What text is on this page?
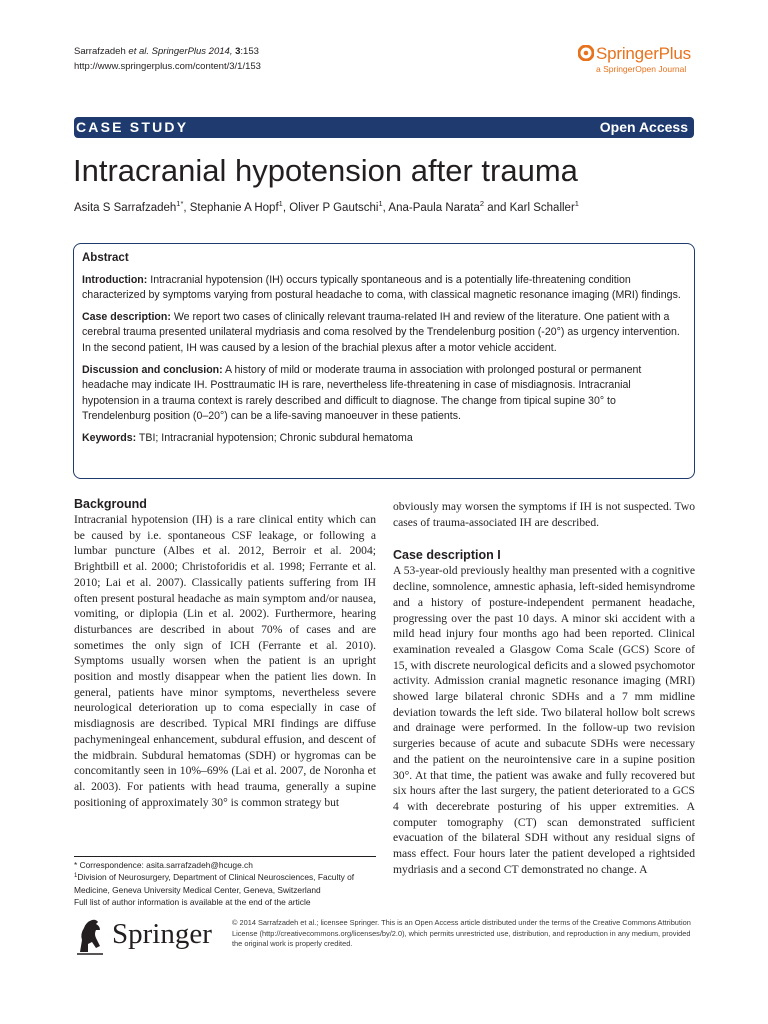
Sarrafzadeh et al. SpringerPlus 2014, 3:153
http://www.springerplus.com/content/3/1/153
SpringerPlus
a SpringerOpen Journal
CASE STUDY	Open Access
Intracranial hypotension after trauma
Asita S Sarrafzadeh$^{1*}$, Stephanie A Hopf$^1$, Oliver P Gautschi$^1$, Ana-Paula Narata$^2$ and Karl Schaller$^1$
Abstract

Introduction: Intracranial hypotension (IH) occurs typically spontaneous and is a potentially life-threatening condition characterized by symptoms varying from postural headache to coma, with classical magnetic resonance imaging (MRI) findings.

Case description: We report two cases of clinically relevant trauma-related IH and review of the literature. One patient with a cerebral trauma presented unilateral mydriasis and coma resolved by the Trendelenburg position (-20°) as urgency intervention. In the second patient, IH was caused by a lesion of the brachial plexus after a motor vehicle accident.

Discussion and conclusion: A history of mild or moderate trauma in association with prolonged postural or permanent headache may indicate IH. Posttraumatic IH is rare, nevertheless life-threatening in case of misdiagnosis. Intracranial hypotension in a trauma context is rarely described and difficult to diagnose. The change from tipical supine 30° to Trendelenburg position (0–20°) can be a life-saving manoeuver in these patients.

Keywords: TBI; Intracranial hypotension; Chronic subdural hematoma

Background

Intracranial hypotension (IH) is a rare clinical entity which can be caused by i.e. spontaneous CSF leakage, or following a lumbar puncture (Albes et al. 2012, Berroir et al. 2004; Brightbill et al. 2000; Christoforidis et al. 1998; Ferrante et al. 2010; Lai et al. 2007). Classically patients suffering from IH often present postural headache as main symptom and/or nausea, vomiting, or diplopia (Lin et al. 2002). Furthermore, hearing disturbances are described in about 70% of cases and are sometimes the only sign of ICH (Ferrante et al. 2010). Symptoms usually worsen when the patient is an upright position and mostly disappear when the patient lies down. In general, patients have minor symptoms, nevertheless severe neurological deterioration up to coma especially in case of misdiagnosis are described. Typical MRI findings are diffuse pachymeningeal enhancement, subdural effusion, and descent of the midbrain. Subdural hematomas (SDH) or hygromas can be concomitantly seen in 10%–69% (Lai et al. 2007, de Noronha et al. 2003). For patients with head trauma, generally a supine positioning of approximately 30° is common strategy but

obviously may worsen the symptoms if IH is not suspected. Two cases of trauma-associated IH are described.

Case description I

A 53-year-old previously healthy man presented with a cognitive decline, somnolence, amnestic aphasia, left-sided hemisyndrome and a history of posture-independent permanent headache, progressing over the past 10 days. A minor ski accident with a mild head injury four months ago had been reported. Clinical examination revealed a Glasgow Coma Scale (GCS) Score of 15, with discrete neurological deficits and a slowed psychomotor activity. Admission cranial magnetic resonance imaging (MRI) showed large bilateral chronic SDHs and a 7 mm midline deviation towards the left side. Two bilateral hollow bolt screws and drainage were performed. In the follow-up two revision surgeries because of acute and subacute SDHs were necessary and the patient on the neurointensive care in a supine position 30°. At that time, the patient was awake and fully recovered but six hours after the last surgery, the patient deteriorated to a GCS 4 with decerebrate posturing of his upper extremities. A computer tomography (CT) scan demonstrated sufficient evacuation of the bilateral SDH without any residual signs of mass effect. Four hours later the patient developed a rightsided mydriasis and a second CT demonstrated no change. A

* Correspondence: asita.sarrafzadeh@hcuge.ch
$^1$Division of Neurosurgery, Department of Clinical Neurosciences, Faculty of Medicine, Geneva University Medical Center, Geneva, Switzerland
Full list of author information is available at the end of the article
Springer	© 2014 Sarrafzadeh et al.; licensee Springer. This is an Open Access article distributed under the terms of the Creative Commons Attribution License (http://creativecommons.org/licenses/by/2.0), which permits unrestricted use, distribution, and reproduction in any medium, provided the original work is properly credited.
